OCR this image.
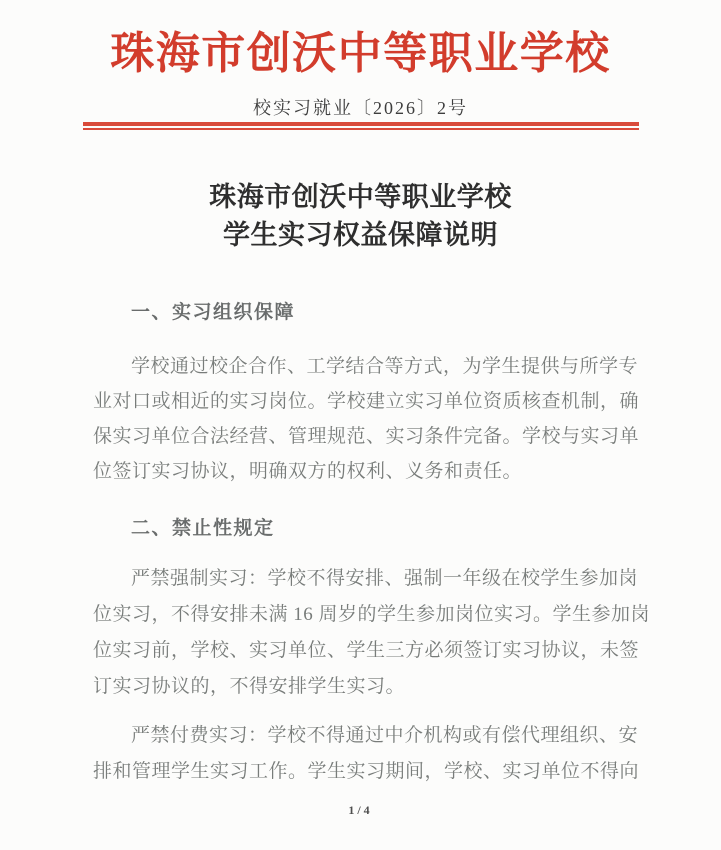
珠海市创沃中等职业学校
校实习就业〔2026〕2号
珠海市创沃中等职业学校
学生实习权益保障说明
一、实习组织保障
学校通过校企合作、工学结合等方式，为学生提供与所学专
业对口或相近的实习岗位。学校建立实习单位资质核查机制，确
保实习单位合法经营、管理规范、实习条件完备。学校与实习单
位签订实习协议，明确双方的权利、义务和责任。
二、禁止性规定
严禁强制实习：学校不得安排、强制一年级在校学生参加岗
位实习，不得安排未满 16 周岁的学生参加岗位实习。学生参加岗
位实习前，学校、实习单位、学生三方必须签订实习协议，未签
订实习协议的，不得安排学生实习。
严禁付费实习：学校不得通过中介机构或有偿代理组织、安
排和管理学生实习工作。学生实习期间，学校、实习单位不得向
1/4
